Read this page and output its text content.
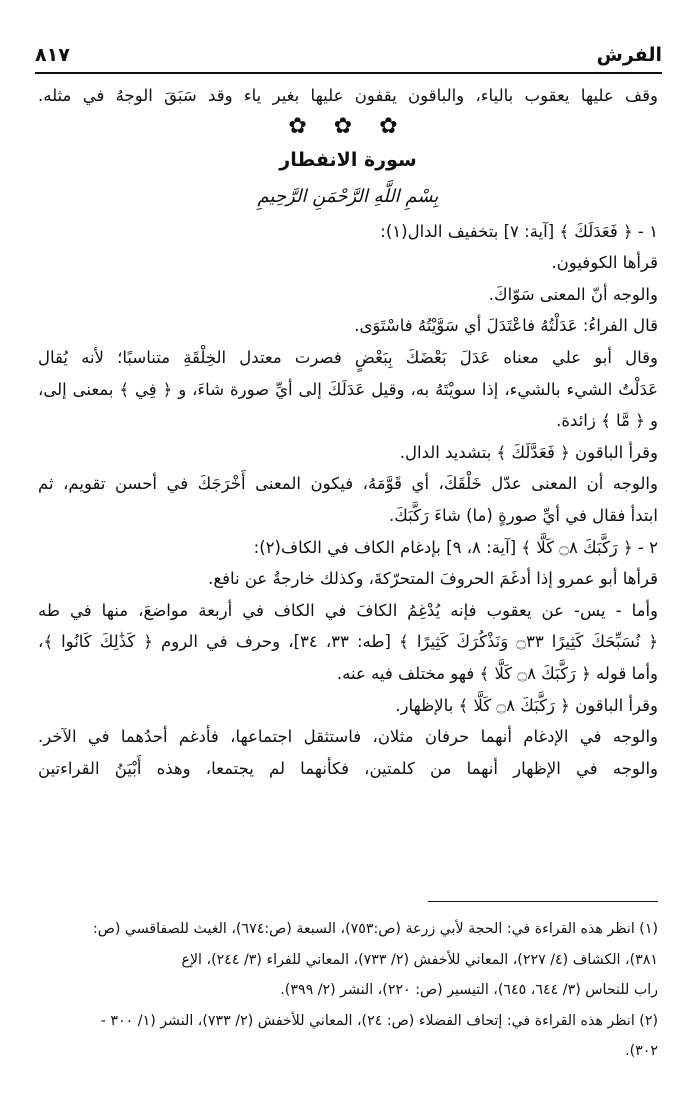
الفرش
٨١٧
وقف عليها يعقوب بالياء، والباقون يقفون عليها بغير ياء وقد سَبَقَ الوجهُ في مثله.
✿ ✿ ✿
سورة الانفطار
بِسْمِ اللَّهِ الرَّحْمَنِ الرَّحِيمِ
١ - ﴿ فَعَدَلَكَ ﴾ [آية: ٧] بتخفيف الدال(١):
قرأها الكوفيون.
والوجه أنّ المعنى سَوّاكَ.
قال الفراءُ: عَدَلْتُهُ فاعْتَدَلَ أي سَوَّيْتُهُ فاسْتَوَى.
وقال أبو علي معناه عَدَلَ بَعْضَكَ بِبَعْضٍ فصرت معتدل الخِلْقَةِ متناسبًا؛ لأنه يُقال
عَدَلْتُ الشيء بالشيء، إذا سويْتَهُ به، وقيل عَدَلَكَ إلى أيِّ صورة شاءَ، و ﴿ فِي ﴾ بمعنى إلى،
و ﴿ مَّا ﴾ زائدة.
وقرأ الباقون ﴿ فَعَدَّلَكَ ﴾ بتشديد الدال.
والوجه أن المعنى عدّل خَلْقَكَ، أي قَوَّمَهُ، فيكون المعنى أَخْرَجَكَ في أحسن تقويم، ثم
ابتدأ فقال في أيِّ صورةٍ (ما) شاءَ رَكَّبَكَ.
٢ - ﴿ رَكَّبَكَ ۝٨ كَلَّا ﴾ [آية: ٨، ٩] بإدغام الكاف في الكاف(٢):
قرأها أبو عمرو إذا أدغَمَ الحروفَ المتحرّكةَ، وكذلك خارجةُ عن نافع.
وأما - يس- عن يعقوب فإنه يُدْغِمُ الكافَ في الكاف في أربعة مواضعَ، منها في طه
﴿ نُسَبِّحَكَ كَثِيرًا ۝٣٣ وَنَذْكُرَكَ كَثِيرًا ﴾ [طه: ٣٣، ٣٤]، وحرف في الروم ﴿ كَذَٰلِكَ كَانُوا ﴾،
وأما قوله ﴿ رَكَّبَكَ ۝٨ كَلَّا ﴾ فهو مختلف فيه عنه.
وقرأ الباقون ﴿ رَكَّبَكَ ۝٨ كَلَّا ﴾ بالإظهار.
والوجه في الإدغام أنهما حرفان مثلان، فاستثقل اجتماعها، فأدغم أحدُهما في الآخر.
والوجه في الإظهار أنهما من كلمتين، فكأنهما لم يجتمعا، وهذه أَبْيَنُ القراءتين
(١) انظر هذه القراءة في: الحجة لأبي زرعة (ص:٧٥٣)، السبعة (ص:٦٧٤)، الغيث للصفاقسي (ص:
٣٨١)، الكشاف (٤/ ٢٢٧)، المعاني للأخفش (٢/ ٧٣٣)، المعاني للفراء (٣/ ٢٤٤)، الإع
راب للنحاس (٣/ ٦٤٤، ٦٤٥)، التيسير (ص: ٢٢٠)، النشر (٢/ ٣٩٩).
(٢) انظر هذه القراءة في: إتحاف الفضلاء (ص: ٢٤)، المعاني للأخفش (٢/ ٧٣٣)، النشر (١/ ٣٠٠ -
٣٠٢).
